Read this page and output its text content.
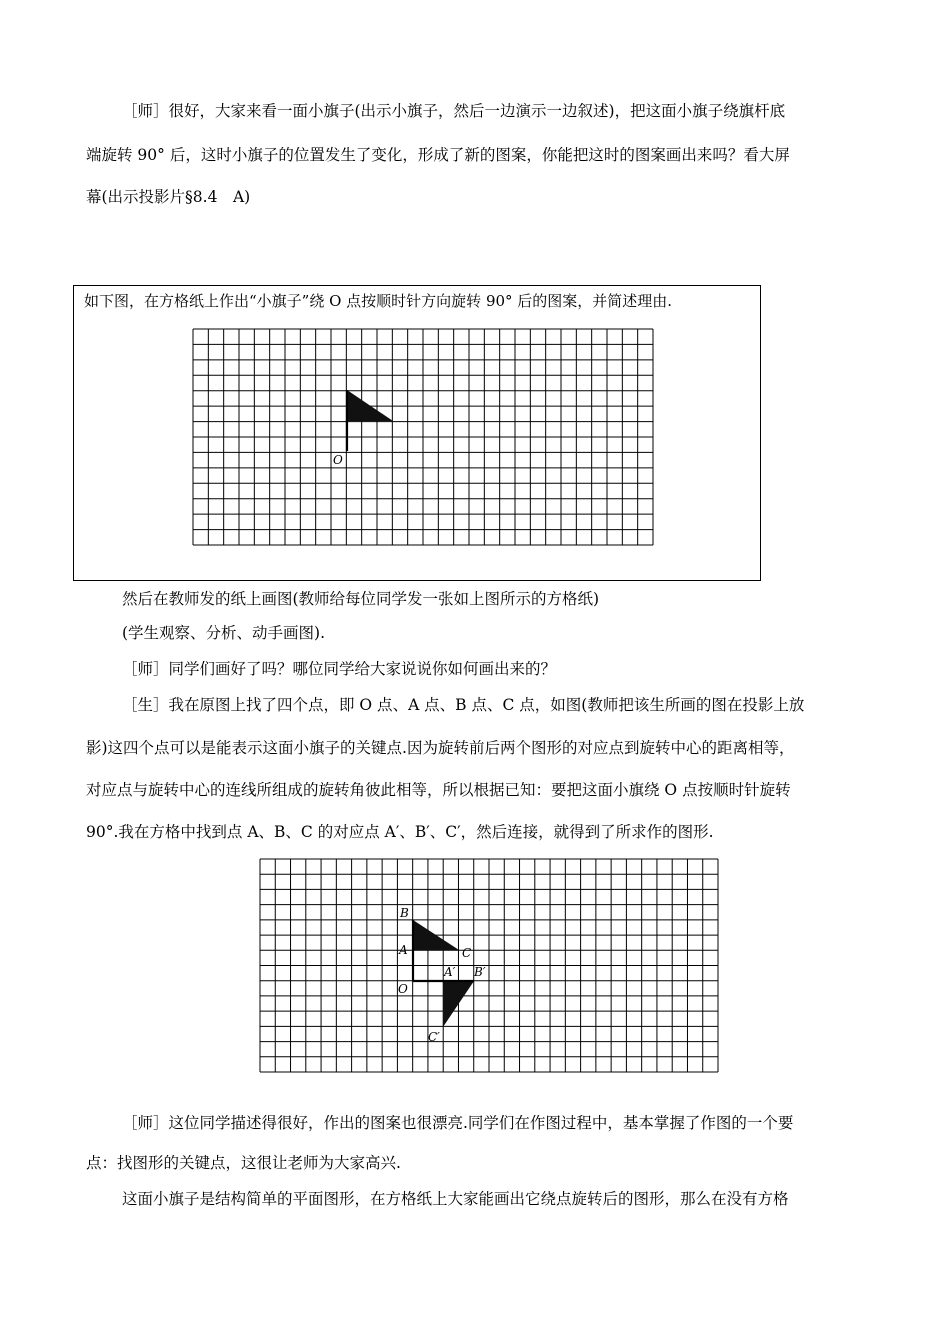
［师］很好，大家来看一面小旗子(出示小旗子，然后一边演示一边叙述)，把这面小旗子绕旗杆底
端旋转 90° 后，这时小旗子的位置发生了变化，形成了新的图案，你能把这时的图案画出来吗？看大屏
幕(出示投影片§8.4　A)
如下图，在方格纸上作出“小旗子”绕 O 点按顺时针方向旋转 90° 后的图案，并简述理由.
O
然后在教师发的纸上画图(教师给每位同学发一张如上图所示的方格纸)
(学生观察、分析、动手画图).
［师］同学们画好了吗？哪位同学给大家说说你如何画出来的？
［生］我在原图上找了四个点，即 O 点、A 点、B 点、C 点，如图(教师把该生所画的图在投影上放
影)这四个点可以是能表示这面小旗子的关键点.因为旋转前后两个图形的对应点到旋转中心的距离相等，
对应点与旋转中心的连线所组成的旋转角彼此相等，所以根据已知：要把这面小旗绕 O 点按顺时针旋转
90°.我在方格中找到点 A、B、C 的对应点 A′、B′、C′，然后连接，就得到了所求作的图形.
B
A	C
A′ B′
O
C′
［师］这位同学描述得很好，作出的图案也很漂亮.同学们在作图过程中，基本掌握了作图的一个要
点：找图形的关键点，这很让老师为大家高兴.
这面小旗子是结构简单的平面图形，在方格纸上大家能画出它绕点旋转后的图形，那么在没有方格
